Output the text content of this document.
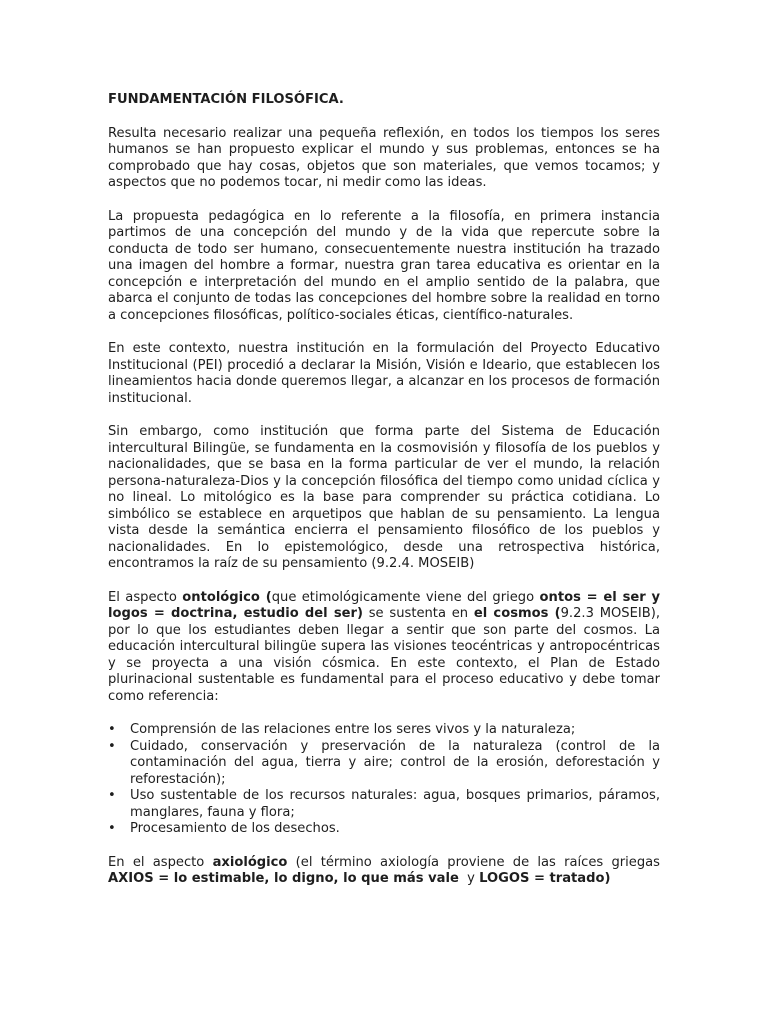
FUNDAMENTACIÓN FILOSÓFICA.

Resulta necesario realizar una pequeña reflexión, en todos los tiempos los seres humanos se han propuesto explicar el mundo y sus problemas, entonces se ha comprobado que hay cosas, objetos que son materiales, que vemos tocamos; y aspectos que no podemos tocar, ni medir como las ideas.

La propuesta pedagógica en lo referente a la filosofía, en primera instancia partimos de una concepción del mundo y de la vida que repercute sobre la conducta de todo ser humano, consecuentemente nuestra institución ha trazado una imagen del hombre a formar, nuestra gran tarea educativa es orientar en la concepción e interpretación del mundo en el amplio sentido de la palabra, que abarca el conjunto de todas las concepciones del hombre sobre la realidad en torno a concepciones filosóficas, político-sociales éticas, científico-naturales.

En este contexto, nuestra institución en la formulación del Proyecto Educativo Institucional (PEI) procedió a declarar la Misión, Visión e Ideario, que establecen los lineamientos hacia donde queremos llegar, a alcanzar en los procesos de formación institucional.

Sin embargo, como institución que forma parte del Sistema de Educación intercultural Bilingüe, se fundamenta en la cosmovisión y filosofía de los pueblos y nacionalidades, que se basa en la forma particular de ver el mundo, la relación persona-naturaleza-Dios y la concepción filosófica del tiempo como unidad cíclica y no lineal. Lo mitológico es la base para comprender su práctica cotidiana. Lo simbólico se establece en arquetipos que hablan de su pensamiento. La lengua vista desde la semántica encierra el pensamiento filosófico de los pueblos y nacionalidades. En lo epistemológico, desde una retrospectiva histórica, encontramos la raíz de su pensamiento (9.2.4. MOSEIB)

El aspecto ontológico (que etimológicamente viene del griego ontos = el ser y logos = doctrina, estudio del ser) se sustenta en el cosmos (9.2.3 MOSEIB), por lo que los estudiantes deben llegar a sentir que son parte del cosmos. La educación intercultural bilingüe supera las visiones teocéntricas y antropocéntricas y se proyecta a una visión cósmica. En este contexto, el Plan de Estado plurinacional sustentable es fundamental para el proceso educativo y debe tomar como referencia:

• Comprensión de las relaciones entre los seres vivos y la naturaleza;
• Cuidado, conservación y preservación de la naturaleza (control de la contaminación del agua, tierra y aire; control de la erosión, deforestación y reforestación);
• Uso sustentable de los recursos naturales: agua, bosques primarios, páramos, manglares, fauna y flora;
• Procesamiento de los desechos.

En el aspecto axiológico (el término axiología proviene de las raíces griegas AXIOS = lo estimable, lo digno, lo que más vale  y LOGOS = tratado)
